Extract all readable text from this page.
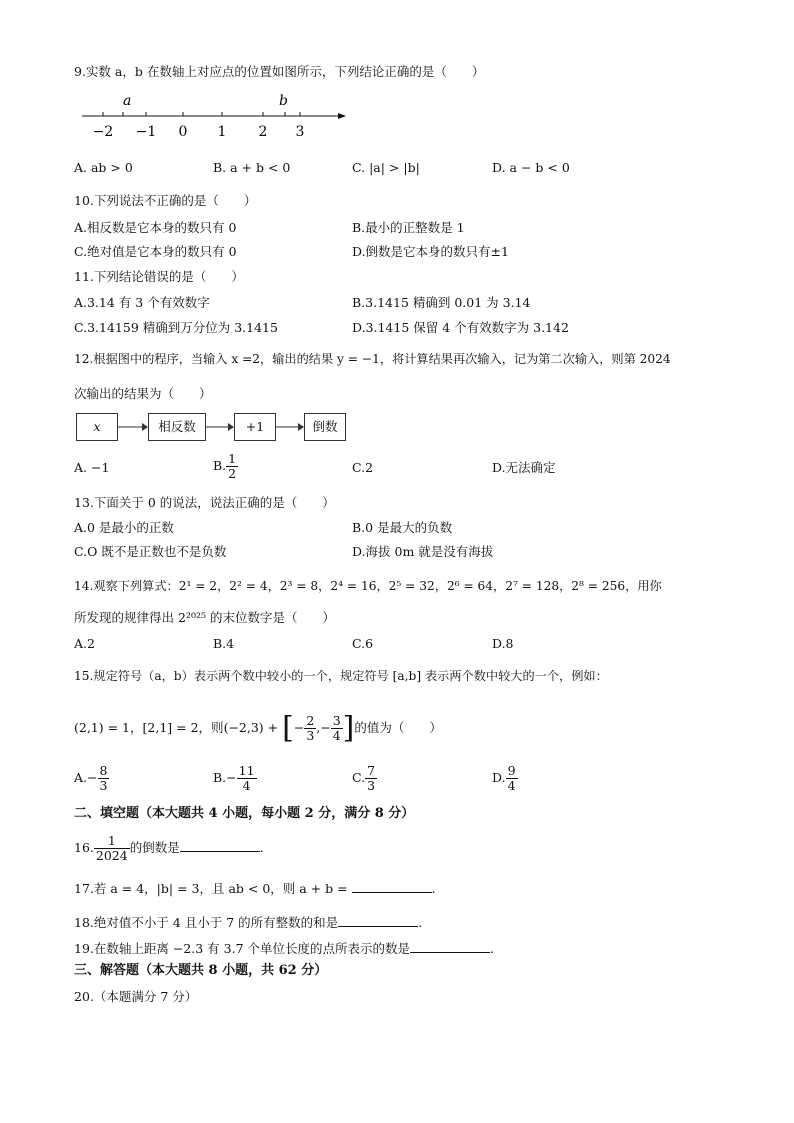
9.实数 a，b 在数轴上对应点的位置如图所示，下列结论正确的是（　　）
−2 −1 0 1 2 3
a	b
A. ab > 0	B. a + b < 0	C. |a| > |b|	D. a − b < 0
10.下列说法不正确的是（　　）
A.相反数是它本身的数只有 0	B.最小的正整数是 1
C.绝对值是它本身的数只有 0	D.倒数是它本身的数只有±1
11.下列结论错误的是（　　）
A.3.14 有 3 个有效数字	B.3.1415 精确到 0.01 为 3.14
C.3.14159 精确到万分位为 3.1415	D.3.1415 保留 4 个有效数字为 3.142
12.根据图中的程序，当输入 x =2，输出的结果 y = −1，将计算结果再次输入，记为第二次输入，则第 2024
次输出的结果为（　　）
x	相反数	+1	倒数
A. −1	B. $\frac{1}{2}$	C.2	D.无法确定
13.下面关于 0 的说法，说法正确的是（　　）
A.0 是最小的正数	B.0 是最大的负数
C.O 既不是正数也不是负数	D.海拔 0m 就是没有海拔
14.观察下列算式：2¹ = 2，2² = 4，2³ = 8，2⁴ = 16，2⁵ = 32，2⁶ = 64，2⁷ = 128，2⁸ = 256，用你
所发现的规律得出 2²⁰²⁵ 的末位数字是（　　）
A.2	B.4	C.6	D.8
15.规定符号（a，b）表示两个数中较小的一个，规定符号 [a,b] 表示两个数中较大的一个，例如：
(2,1) = 1，[2,1] = 2，则(−2,3) + [− $\frac{2}{3}$ ,− $\frac{3}{4}$ ]的值为（　　）
$A.- \frac{8}{3}$	$B.- \frac{11}{4}$	C. $\frac{7}{3}$	D. $\frac{9}{4}$
二、填空题（本大题共 4 小题，每小题 2 分，满分 8 分）
16. $\frac{1}{2024}$ 的倒数是	.
17.若 a = 4，|b| = 3，且 ab < 0，则 a + b =	.
18.绝对值不小于 4 且小于 7 的所有整数的和是	.
19.在数轴上距离 −2.3 有 3.7 个单位长度的点所表示的数是	.
三、解答题（本大题共 8 小题，共 62 分）
20.（本题满分 7 分）
